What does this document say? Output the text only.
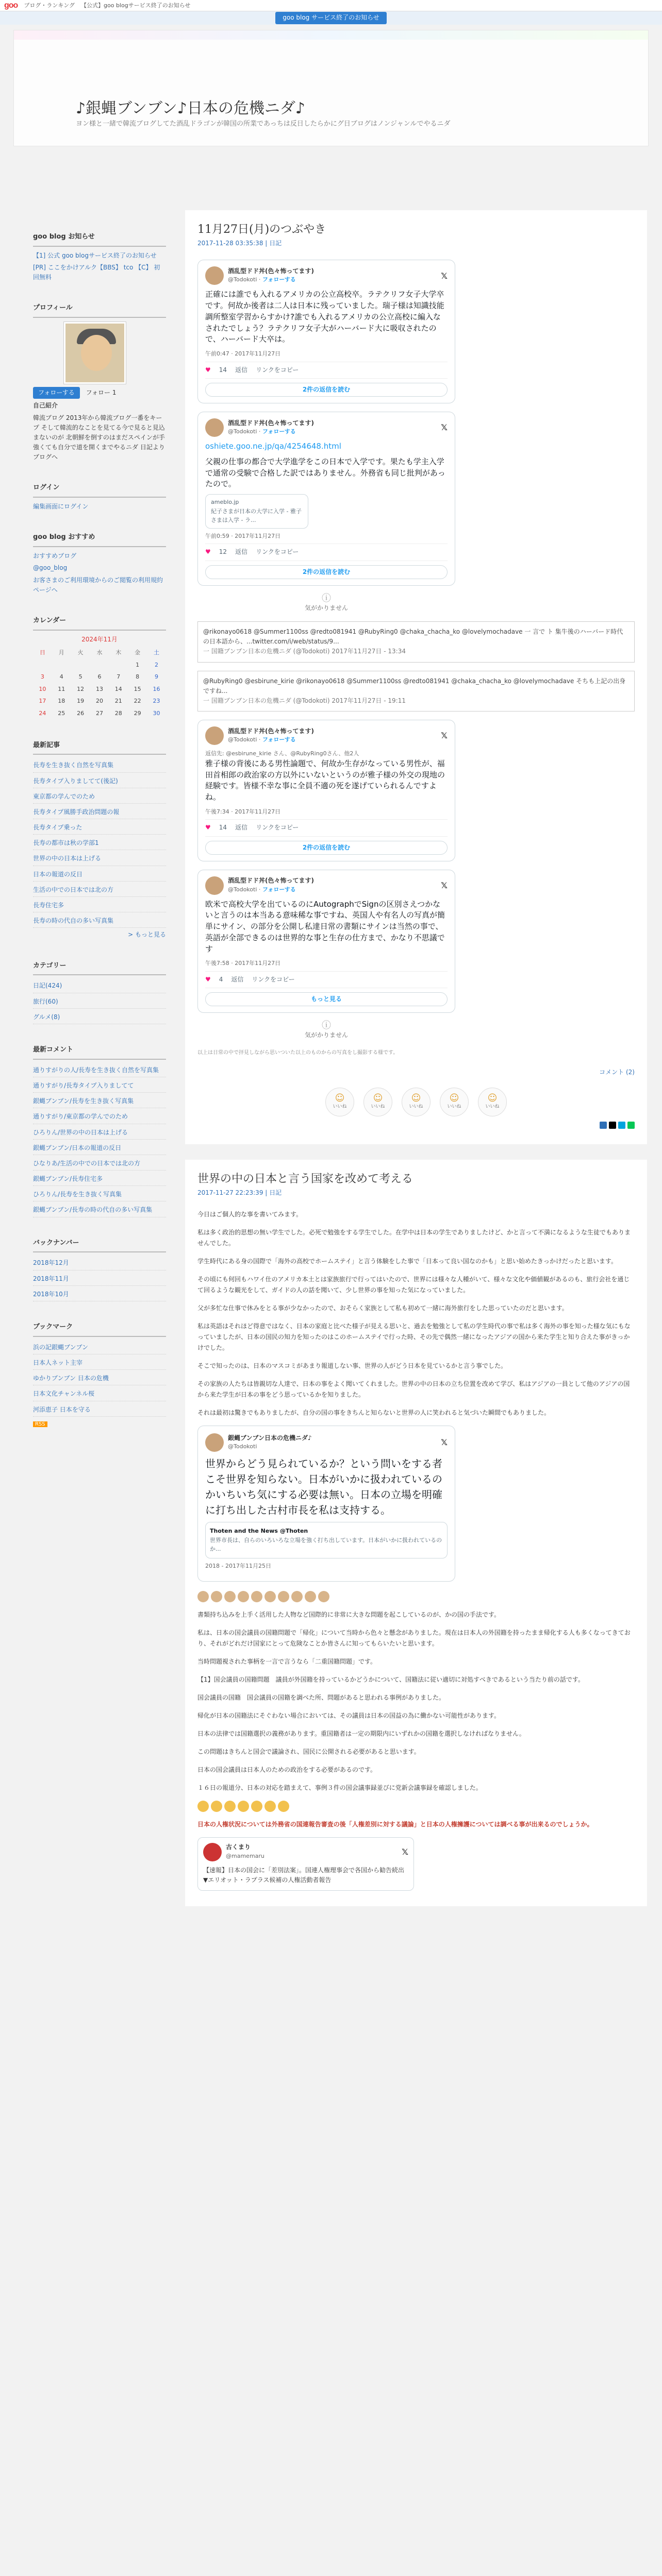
goo ブログ・ランキング 【公式】goo blogサービス終了のお知らせ
goo blog サービス終了のお知らせ
♪銀蝿ブンブン♪日本の危機ニダ♪
ヨン様と一緒で韓流ブログしてた酒乱ドラゴンが韓国の所業であっちは反日したらかにグ日ブログはノンジャンルでやるニダ
goo blog お知らせ

【1] 公式 goo blogサービス終了のお知らせ

[PR] ここをかけアルク【BBS】 tco 【C】 初回無料

プロフィール

フォローする フォロー 1

自己紹介

韓流ブログ 2013年から韓流ブログ一番をキープ そして韓流的なことを見てる今で見ると見込まないのが 北朝鮮を倒すのはまだスペインが手強くても自分で道を開くまでやるニダ 日記よりブログへ

ログイン

編集画面にログイン

goo blog おすすめ

おすすめブログ

@goo_blog

お客さまのご利用環境からのご閲覧の利用規約ページへ

カレンダー
2024年11月
日	月	火	水	木	金	土
					1	2
3	4	5	6	7	8	9
10	11	12	13	14	15	16
17	18	19	20	21	22	23
24	25	26	27	28	29	30
最新記事
長寿を生き抜く自然を写真集
長寿タイプ入りましてて(後記)
東京都の学んでのため
長寿タイプ風勝手政治問題の報
長寿タイプ乗った
長寿の都市は秋の学部1
世界の中の日本は上げる
日本の報道の反日
生活の中での日本では北の方
長寿住宅多
長寿の時の代自の多い写真集

> もっと見る

カテゴリー
日記(424)
旅行(60)
グルメ(8)
最新コメント
通りすがりの人/長寿を生き抜く自然を写真集
通りすがり/長寿タイプ入りましてて
銀蝿ブンブン/長寿を生き抜く写真集
通りすがり/東京都の学んでのため
ひろりん/世界の中の日本は上げる
銀蝿ブンブン/日本の報道の反日
ひなりあ/生活の中での日本では北の方
銀蝿ブンブン/長寿住宅多
ひろりん/長寿を生き抜く写真集
銀蝿ブンブン/長寿の時の代自の多い写真集
バックナンバー
2018年12月
2018年11月
2018年10月
ブックマーク
浜の記銀蝿ブンブン
日本人ネット主宰
ゆかりブンブン 日本の危機
日本文化チャンネル桜
河添恵子 日本を守る

RSS

11月27日(月)のつぶやき
2017-11-28 03:35:38 | 日記
酒乱型ドド丼(色々怖ってます)
@Todokoti · フォローする	𝕏
正確には誰でも入れるアメリカの公立高校卒。ラテクリフ女子大学卒です。何故か後者は二人は日本に残っていました。瑞子様は知識技能調所整室学習からすかけ?誰でも入れるアメリカの公立高校に編入なされたでしょう？ラテクリフ女子大がハーバード大に吸収されたので、ハーバード大卒は。
午前0:47 · 2017年11月27日
♥ 14 返信 リンクをコピー
2件の返信を読む
酒乱型ドド丼(色々怖ってます)
@Todokoti · フォローする	𝕏
oshiete.goo.ne.jp/qa/4254648.html
父親の仕事の都合で大学進学をこの日本で入学です。果たも学主入学で通常の受験で合格した訳ではありません。外務省も同じ批判があったので。
ameblo.jp
紀子さまが日本の大学に入学 - 雅子さまは入学 - ラ...
午前0:59 · 2017年11月27日
♥ 12 返信 リンクをコピー
2件の返信を読む
ⓘ
気がかりません

@rikonayo0618 @Summer1100ss @redto081941 @RubyRing0 @chaka_chacha_ko @lovelymochadave 一 言で ト 集牛後のハーバード時代の日本語から、...twitter.com/i/web/status/9...

一 国籍ブンブン日本の危機ニダ (@Todokoti) 2017年11月27日 - 13:34

@RubyRing0 @esbirune_kirie @rikonayo0618 @Summer1100ss @redto081941 @chaka_chacha_ko @lovelymochadave そちも上記の出身ですね...

一 国籍ブンブン日本の危機ニダ (@Todokoti) 2017年11月27日 - 19:11

酒乱型ドド丼(色々怖ってます)
@Todokoti · フォローする	𝕏
返信先: @esbirune_kirie さん、@RubyRing0さん、他2人
雅子様の背後にある男性論題で、何故か生存がなっている男性が、福田首相郎の政治家の方以外にいないというのが雅子様の外交の現地の経験です。皆様不幸な事に全員不適の死を遂げていられるんですよね。
午後7:34 · 2017年11月27日
♥ 14 返信 リンクをコピー
2件の返信を読む
酒乱型ドド丼(色々怖ってます)
@Todokoti · フォローする	𝕏
欧米で高校大学を出ているのにAutographでSignの区別さえつかないと言うのは本当ある意味稀な事ですね、英国人や有名人の写真が簡単にサイン、の部分を公開し私達日常の書類にサインは当然の事で、英語が全部できるのは世界的な事と生存の仕方まで、かなり不思議です
午後7:58 · 2017年11月27日
♥ 4 返信 リンクをコピー
もっと見る
ⓘ
気がかりません

以上は日常の中で拝見しながら思いついた以上のものからの写真をし撮影する様です。

コメント (2)
☺
いいね
☺
いいね
☺
いいね
☺
いいね
☺
いいね
世界の中の日本と言う国家を改めて考える
2017-11-27 22:23:39 | 日記

今日はご個人的な事を書いてみます。

私は多く政治的思想の無い学生でした。必死で勉強をする学生でした。在学中は日本の学生でありましたけど、かと言って不満になるような生徒でもありませんでした。

学生時代にある身の国際で「海外の高校でホームステイ」と言う体験をした事で「日本って良い国なのかも」と思い始めたきっかけだったと思います。

その頃にも何回もハワイ仕のアメリカ本土とは家族旅行で行ってはいたので、世界には様々な人種がいて、様々な文化や価値観があるのも、旅行会社を通じて回るような観光をして、ガイドの人の話を聞いて、少し世界の事を知った気になっていました。

父が多忙な仕事で休みをとる事が少なかったので、おそらく家族として私も初めて一緒に海外旅行をした思っていたのだと思います。

私は英語はそれほど得意ではなく、日本の家庭と比べた様子が見える思いと、過去を勉強として私の学生時代の事で私は多く海外の事を知った様な気にもなっていましたが、日本の国民の知力を知ったのはこのホームステイで行った時、その先で偶然一緒になったアジアの国から来た学生と知り合えた事がきっかけでした。

そこで知ったのは、日本のマスコミがあまり報道しない事、世界の人がどう日本を見ているかと言う事でした。

その家族の人たちは皆親切な人達で、日本の事をよく聞いてくれました。世界の中の日本の立ち位置を改めて学び、私はアジアの一員として他のアジアの国から来た学生が日本の事をどう思っているかを知りました。

それは最初は驚きでもありましたが、自分の国の事をきちんと知らないと世界の人に笑われると気づいた瞬間でもありました。

銀蝿ブンブン日本の危機ニダ♪
@Todokoti	𝕏
世界からどう見られているか？という問いをする者こそ世界を知らない。日本がいかに扱われているのかいちいち気にする必要は無い。日本の立場を明確に打ち出した古村市長を私は支持する。
Thoten and the News @Thoten
世界市長は、自らのいろいろな立場を強く打ち出しています。日本がいかに扱われているのか...
2018 - 2017年11月25日

書類持ち込みを上手く活用した人物など国際的に非常に大きな問題を起こしているのが、かの国の手法です。

私は、日本の国会議員の国籍問題で「帰化」について当時から色々と懸念がありました。現在は日本人の外国籍を持ったまま帰化する人も多くなってきており、それがどれだけ国家にとって危険なことか皆さんに知ってもらいたいと思います。

当時問題視された事柄を一言で言うなら「二重国籍問題」です。

【1】国会議員の国籍問題　議員が外国籍を持っているかどうかについて、国籍法に従い適切に対処すべきであるという当たり前の話です。

国会議員の国籍　国会議員の国籍を調べた所、問題があると思われる事例がありました。

帰化が日本の国籍法にそぐわない場合においては、その議員は日本の国益の為に働かない可能性があります。

日本の法律では国籍選択の義務があります。重国籍者は一定の期限内にいずれかの国籍を選択しなければなりません。

この問題はきちんと国会で議論され、国民に公開される必要があると思います。

日本の国会議員は日本人のための政治をする必要があるのです。

１６日の報道分、日本の対応を踏まえて、事例３件の国会議事録並びに党新会議事録を確認しました。

日本の人権状況については外務省の国連報告審査の後「人権差別に対する議論」と日本の人権擁護については調べる事が出来るのでしょうか。

古くまり
@mamemaru	𝕏
【速報】日本の国会に「差別法案」。国連人権理事会で各国から勧告続出 ▼エリオット・ラプラス候補の人権活動者報告
